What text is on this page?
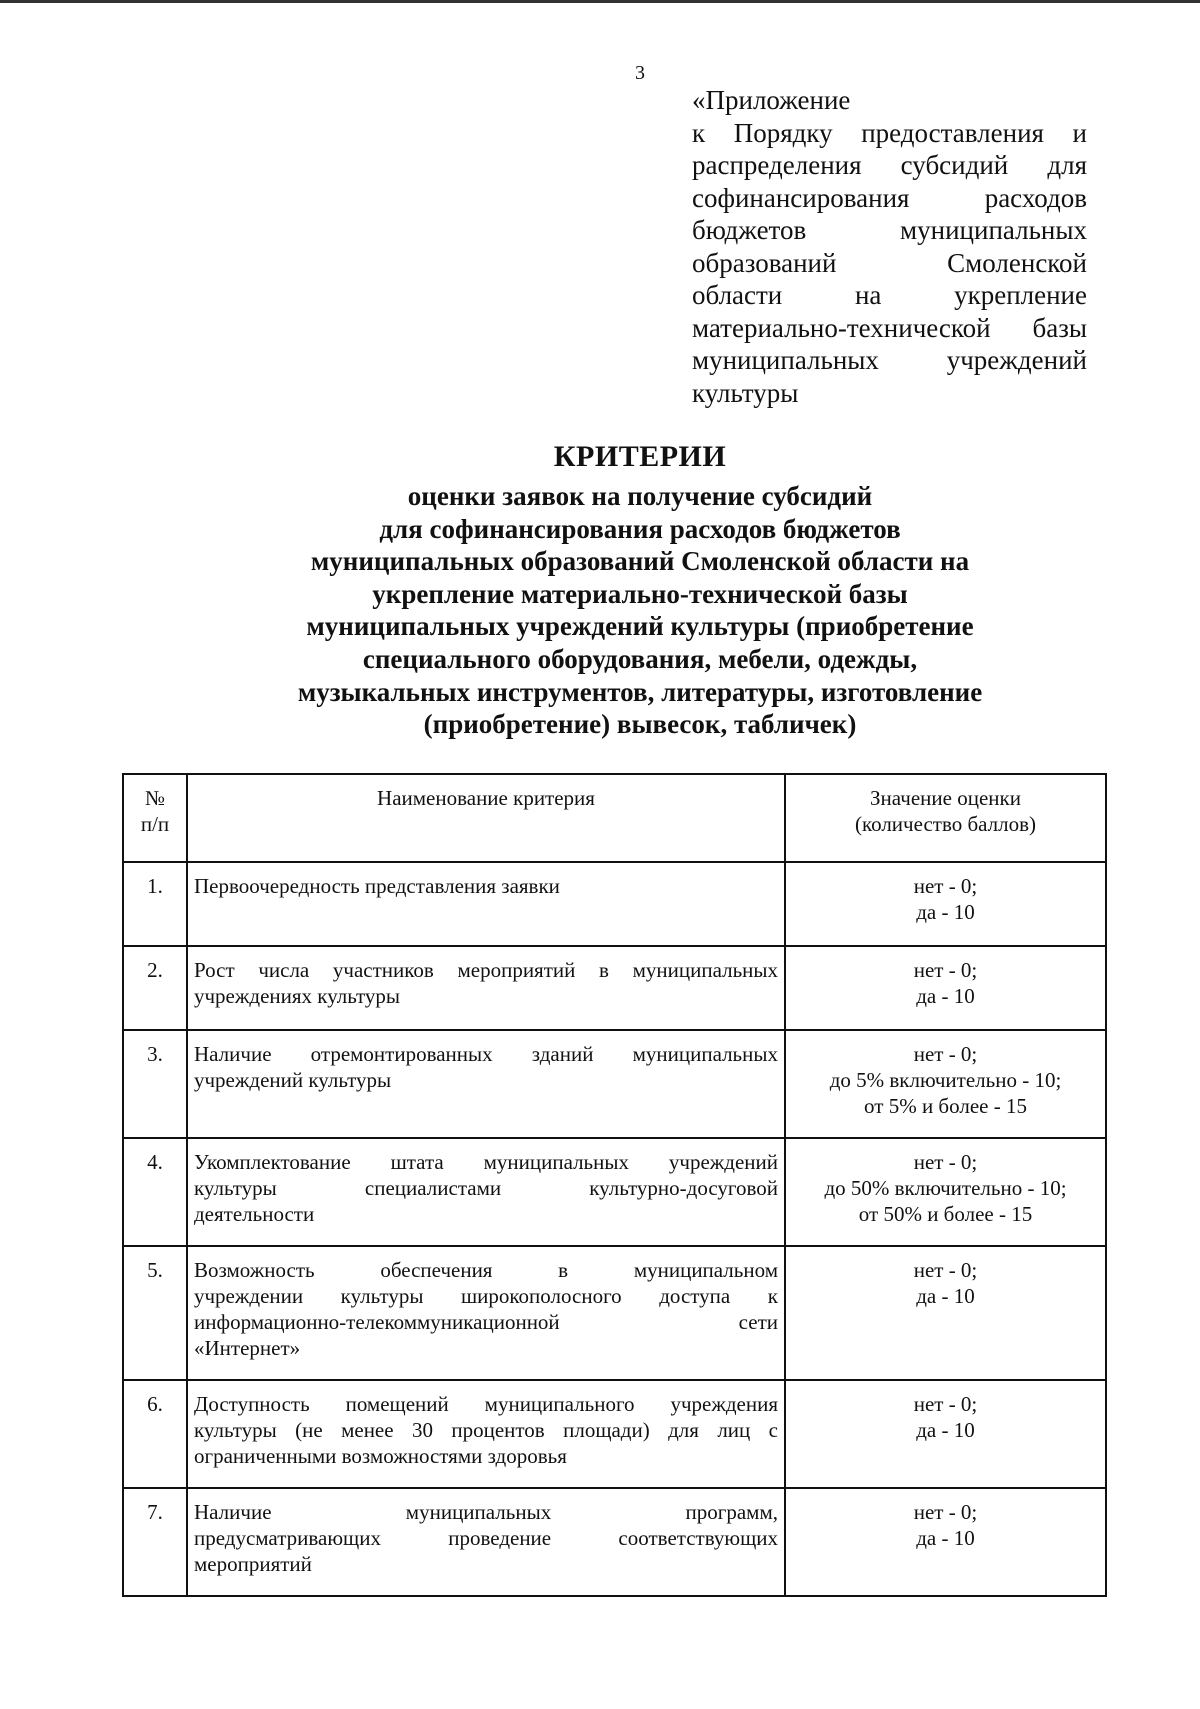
3
«Приложение
к Порядку предоставления и
распределения субсидий для
софинансирования расходов
бюджетов муниципальных
образований Смоленской
области на укрепление
материально-технической базы
муниципальных учреждений
культуры
КРИТЕРИИ
оценки заявок на получение субсидий
для софинансирования расходов бюджетов
муниципальных образований Смоленской области на
укрепление материально-технической базы
муниципальных учреждений культуры (приобретение
специального оборудования, мебели, одежды,
музыкальных инструментов, литературы, изготовление
(приобретение) вывесок, табличек)
№
п/п	Наименование критерия	Значение оценки
(количество баллов)
1.	Первоочередность представления заявки	нет - 0;
да - 10

2.	Рост числа участников мероприятий в муниципальных
учреждениях культуры	нет - 0;
да - 10

3.	Наличие отремонтированных зданий муниципальных
учреждений культуры	нет - 0;
до 5% включительно - 10;
от 5% и более - 15

4.	Укомплектование штата муниципальных учреждений
культуры специалистами культурно-досуговой
деятельности	нет - 0;
до 50% включительно - 10;
от 50% и более - 15

5.	Возможность обеспечения в муниципальном
учреждении культуры широкополосного доступа к
информационно-телекоммуникационной сети
«Интернет»	нет - 0;
да - 10

6.	Доступность помещений муниципального учреждения
культуры (не менее 30 процентов площади) для лиц с
ограниченными возможностями здоровья	нет - 0;
да - 10

7.	Наличие муниципальных программ,
предусматривающих проведение соответствующих
мероприятий	нет - 0;
да - 10
